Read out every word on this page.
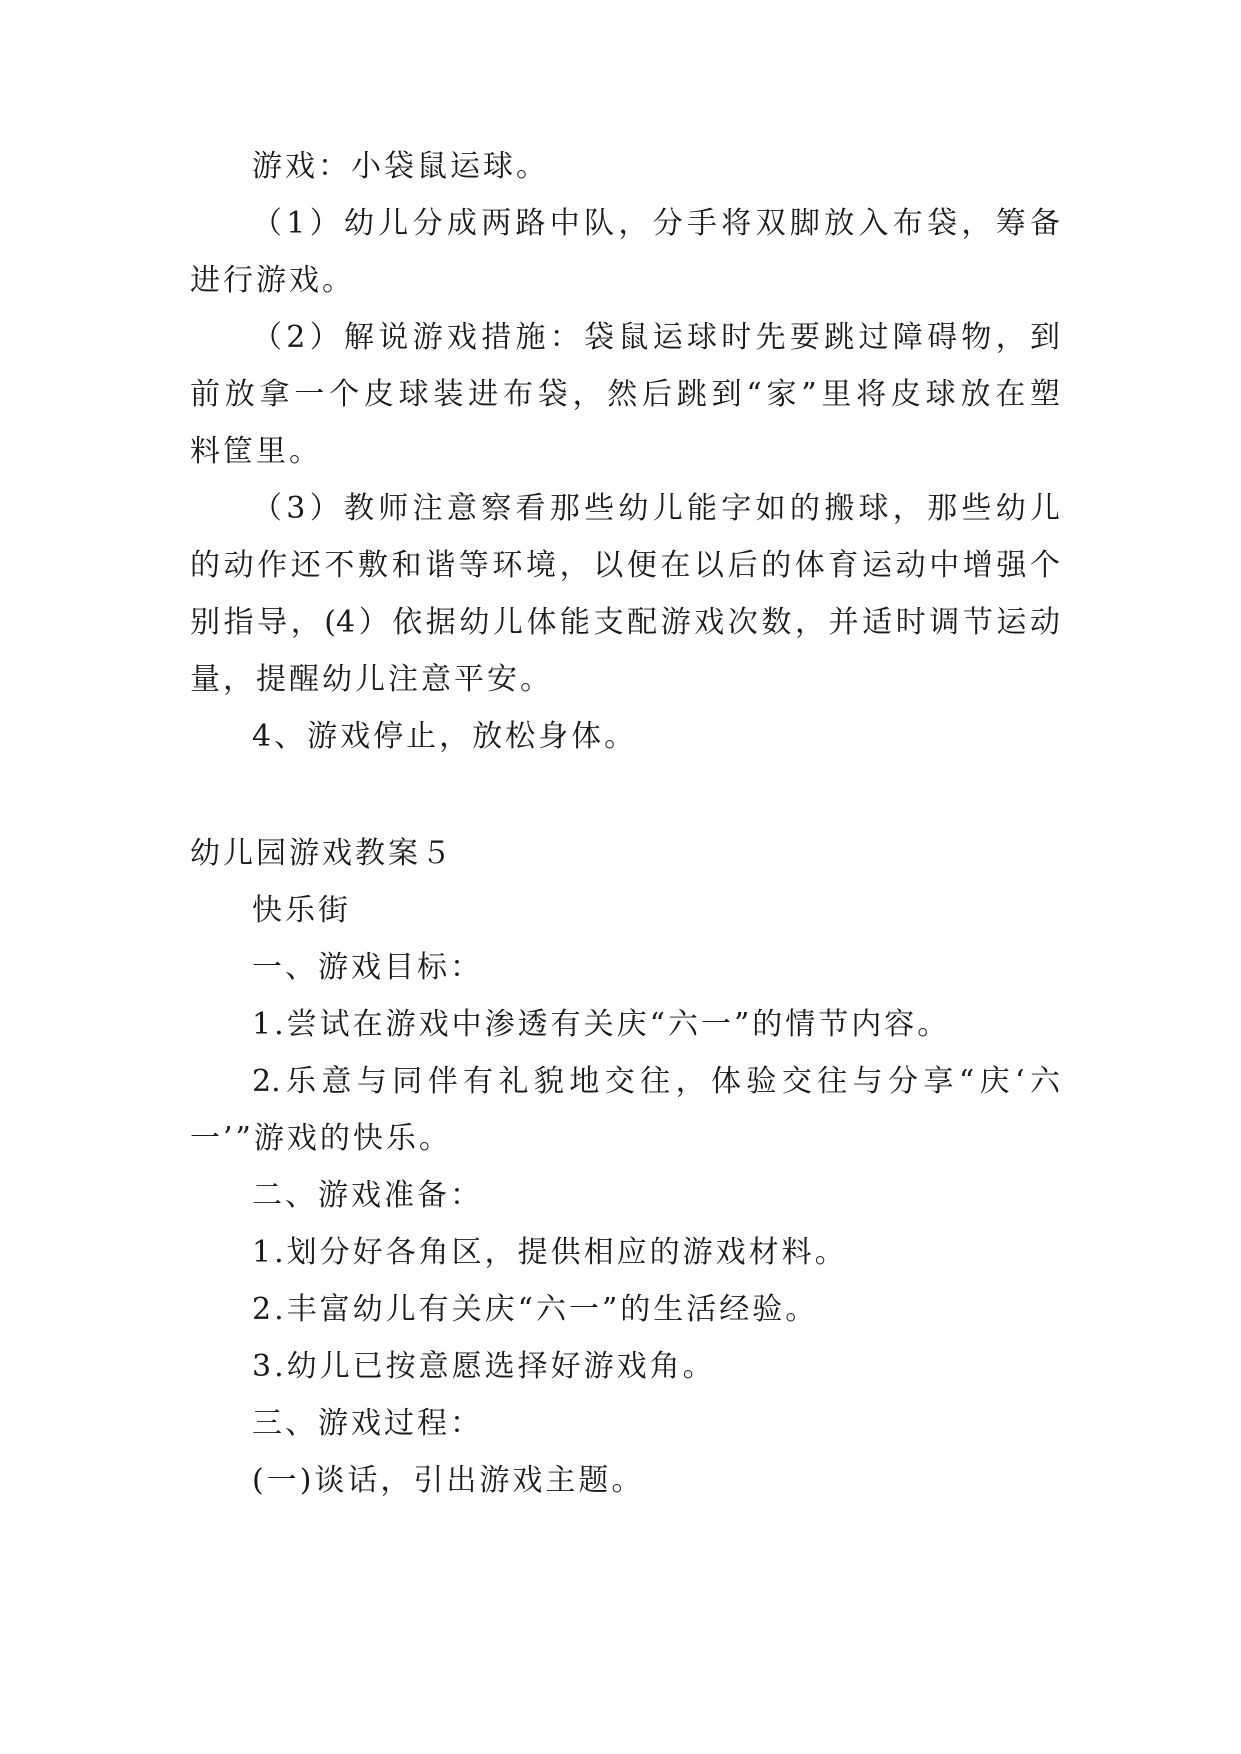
游戏：小袋鼠运球。
（1）幼儿分成两路中队，分手将双脚放入布袋，筹备
进行游戏。
（2）解说游戏措施：袋鼠运球时先要跳过障碍物，到
前放拿一个皮球装进布袋，然后跳到“家”里将皮球放在塑
料筐里。
（3）教师注意察看那些幼儿能字如的搬球，那些幼儿
的动作还不敷和谐等环境，以便在以后的体育运动中增强个
别指导，(4）依据幼儿体能支配游戏次数，并适时调节运动
量，提醒幼儿注意平安。
4、游戏停止，放松身体。
幼儿园游戏教案５
快乐街
一、游戏目标：
1.尝试在游戏中渗透有关庆“六一”的情节内容。
2.乐意与同伴有礼貌地交往，体验交往与分享“庆‘六
一’”游戏的快乐。
二、游戏准备：
1.划分好各角区，提供相应的游戏材料。
2.丰富幼儿有关庆“六一”的生活经验。
3.幼儿已按意愿选择好游戏角。
三、游戏过程：
(一)谈话，引出游戏主题。
